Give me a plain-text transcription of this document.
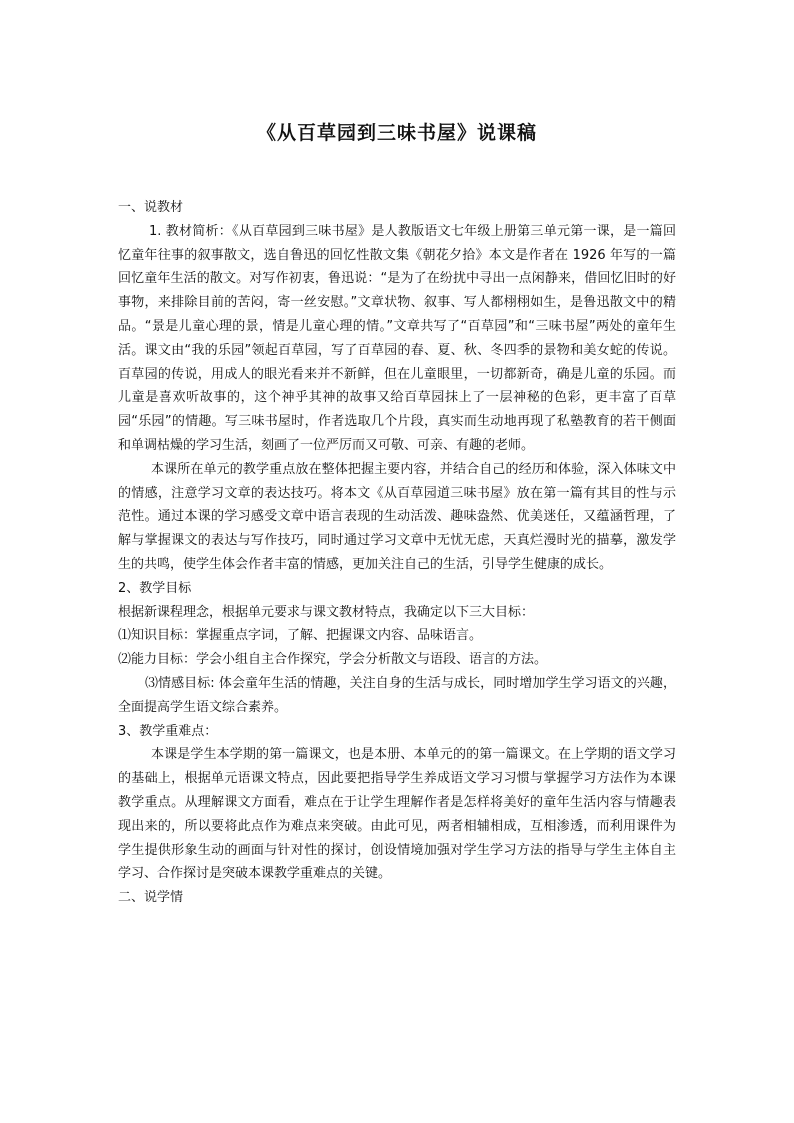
《从百草园到三味书屋》说课稿

一、说教材

1. 教材简析：《从百草园到三味书屋》是人教版语文七年级上册第三单元第一课，是一篇回忆童年往事的叙事散文，选自鲁迅的回忆性散文集《朝花夕拾》本文是作者在 1926 年写的一篇回忆童年生活的散文。对写作初衷，鲁迅说：“是为了在纷扰中寻出一点闲静来，借回忆旧时的好事物，来排除目前的苦闷，寄一丝安慰。”文章状物、叙事、写人都栩栩如生，是鲁迅散文中的精品。“景是儿童心理的景，情是儿童心理的情。”文章共写了“百草园”和“三味书屋”两处的童年生活。课文由“我的乐园”领起百草园，写了百草园的春、夏、秋、冬四季的景物和美女蛇的传说。 百草园的传说，用成人的眼光看来并不新鲜，但在儿童眼里，一切都新奇，确是儿童的乐园。而儿童是喜欢听故事的，这个神乎其神的故事又给百草园抹上了一层神秘的色彩，更丰富了百草园“乐园”的情趣。写三味书屋时，作者选取几个片段，真实而生动地再现了私塾教育的若干侧面和单调枯燥的学习生活，刻画了一位严厉而又可敬、可亲、有趣的老师。

本课所在单元的教学重点放在整体把握主要内容，并结合自己的经历和体验，深入体味文中的情感，注意学习文章的表达技巧。将本文《从百草园道三味书屋》放在第一篇有其目的性与示范性。通过本课的学习感受文章中语言表现的生动活泼、趣味盎然、优美迷任，又蕴涵哲理，了解与掌握课文的表达与写作技巧，同时通过学习文章中无忧无虑，天真烂漫时光的描摹，激发学生的共鸣，使学生体会作者丰富的情感，更加关注自己的生活，引导学生健康的成长。

2、教学目标

根据新课程理念，根据单元要求与课文教材特点，我确定以下三大目标：

⑴知识目标：掌握重点字词，了解、把握课文内容、品味语言。

⑵能力目标：学会小组自主合作探究，学会分析散文与语段、语言的方法。

⑶情感目标: 体会童年生活的情趣，关注自身的生活与成长，同时增加学生学习语文的兴趣，全面提高学生语文综合素养。

3、教学重难点：

本课是学生本学期的第一篇课文，也是本册、本单元的的第一篇课文。在上学期的语文学习的基础上，根据单元语课文特点，因此要把指导学生养成语文学习习惯与掌握学习方法作为本课教学重点。从理解课文方面看，难点在于让学生理解作者是怎样将美好的童年生活内容与情趣表现出来的，所以要将此点作为难点来突破。由此可见，两者相辅相成，互相渗透，而利用课件为学生提供形象生动的画面与针对性的探讨，创设情境加强对学生学习方法的指导与学生主体自主学习、合作探讨是突破本课教学重难点的关键。

二、说学情
